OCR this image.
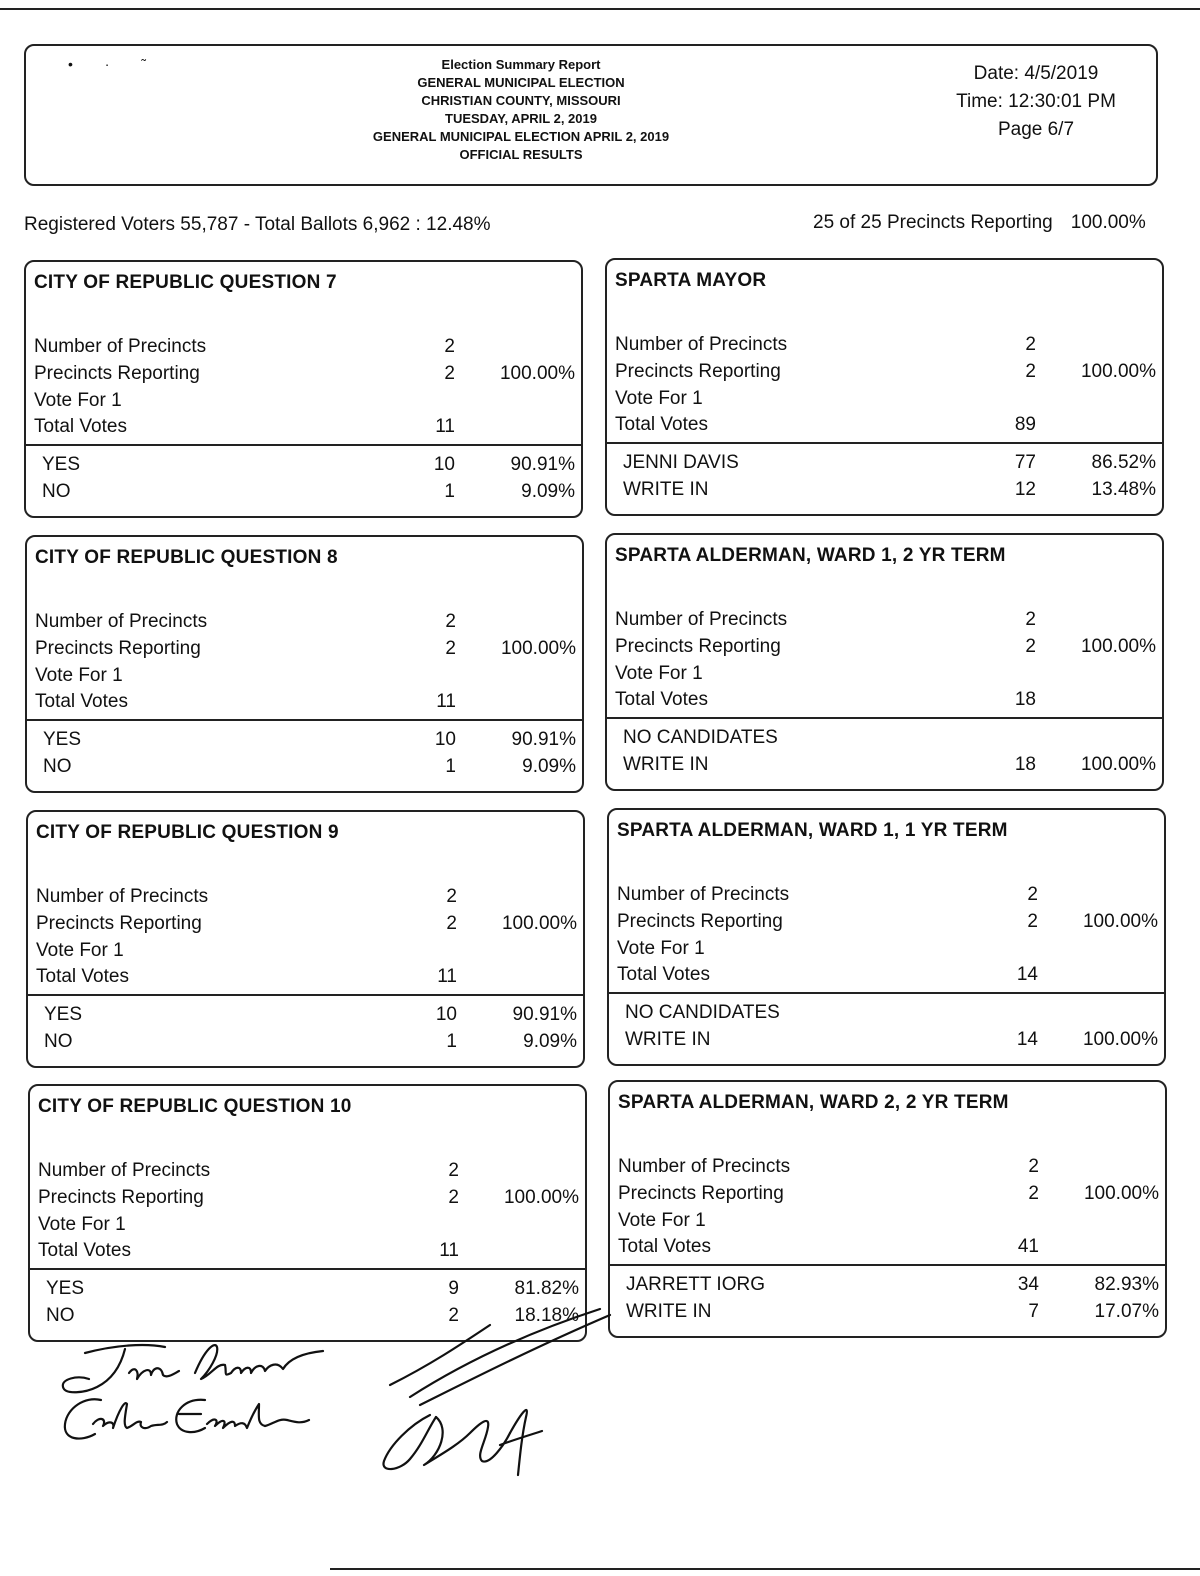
• · ˜	Election Summary Report
GENERAL MUNICIPAL ELECTION
CHRISTIAN COUNTY, MISSOURI
TUESDAY, APRIL 2, 2019
GENERAL MUNICIPAL ELECTION APRIL 2, 2019
OFFICIAL RESULTS
Date: 4/5/2019
Time: 12:30:01 PM
Page 6/7
Registered Voters 55,787 - Total Ballots 6,962 : 12.48%	25 of 25 Precincts Reporting 100.00%
CITY OF REPUBLIC QUESTION 7
Number of Precincts	2
Precincts Reporting	2 100.00%
Vote For 1
Total Votes	11
YES	10	90.91%
NO	1	9.09%
SPARTA MAYOR
Number of Precincts	2
Precincts Reporting	2 100.00%
Vote For 1
Total Votes	89
JENNI DAVIS	77	86.52%
WRITE IN	12	13.48%
CITY OF REPUBLIC QUESTION 8
Number of Precincts	2
Precincts Reporting	2 100.00%
Vote For 1
Total Votes	11
YES	10	90.91%
NO	1	9.09%
SPARTA ALDERMAN, WARD 1, 2 YR TERM
Number of Precincts	2
Precincts Reporting	2 100.00%
Vote For 1
Total Votes	18
NO CANDIDATES
WRITE IN	18 100.00%
CITY OF REPUBLIC QUESTION 9
Number of Precincts	2
Precincts Reporting	2 100.00%
Vote For 1
Total Votes	11
YES	10	90.91%
NO	1	9.09%
SPARTA ALDERMAN, WARD 1, 1 YR TERM
Number of Precincts	2
Precincts Reporting	2 100.00%
Vote For 1
Total Votes	14
NO CANDIDATES
WRITE IN	14 100.00%
CITY OF REPUBLIC QUESTION 10
Number of Precincts	2
Precincts Reporting	2 100.00%
Vote For 1
Total Votes	11
YES	9	81.82%
NO	2	18.18%
SPARTA ALDERMAN, WARD 2, 2 YR TERM
Number of Precincts	2
Precincts Reporting	2 100.00%
Vote For 1
Total Votes	41
JARRETT IORG	34	82.93%
WRITE IN	7	17.07%
